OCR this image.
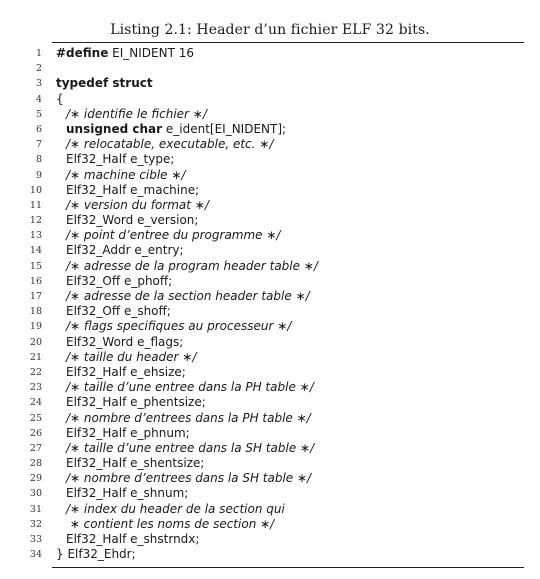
Listing 2.1: Header d’un fichier ELF 32 bits.
1 #define EI_NIDENT 16
2
3 typedef struct
4 {
5 /∗ identifie le fichier ∗/
6 unsigned char e_ident[EI_NIDENT];
7 /∗ relocatable, executable, etc. ∗/
8 Elf32_Half e_type;
9 /∗ machine cible ∗/
10 Elf32_Half e_machine;
11 /∗ version du format ∗/
12 Elf32_Word e_version;
13 /∗ point d’entree du programme ∗/
14 Elf32_Addr e_entry;
15 /∗ adresse de la program header table ∗/
16 Elf32_Off e_phoff;
17 /∗ adresse de la section header table ∗/
18 Elf32_Off e_shoff;
19 /∗ flags specifiques au processeur ∗/
20 Elf32_Word e_flags;
21 /∗ taille du header ∗/
22 Elf32_Half e_ehsize;
23 /∗ taille d’une entree dans la PH table ∗/
24 Elf32_Half e_phentsize;
25 /∗ nombre d’entrees dans la PH table ∗/
26 Elf32_Half e_phnum;
27 /∗ taille d’une entree dans la SH table ∗/
28 Elf32_Half e_shentsize;
29 /∗ nombre d’entrees dans la SH table ∗/
30 Elf32_Half e_shnum;
31 /∗ index du header de la section qui
32 ∗ contient les noms de section ∗/
33 Elf32_Half e_shstrndx;
34 } Elf32_Ehdr;
